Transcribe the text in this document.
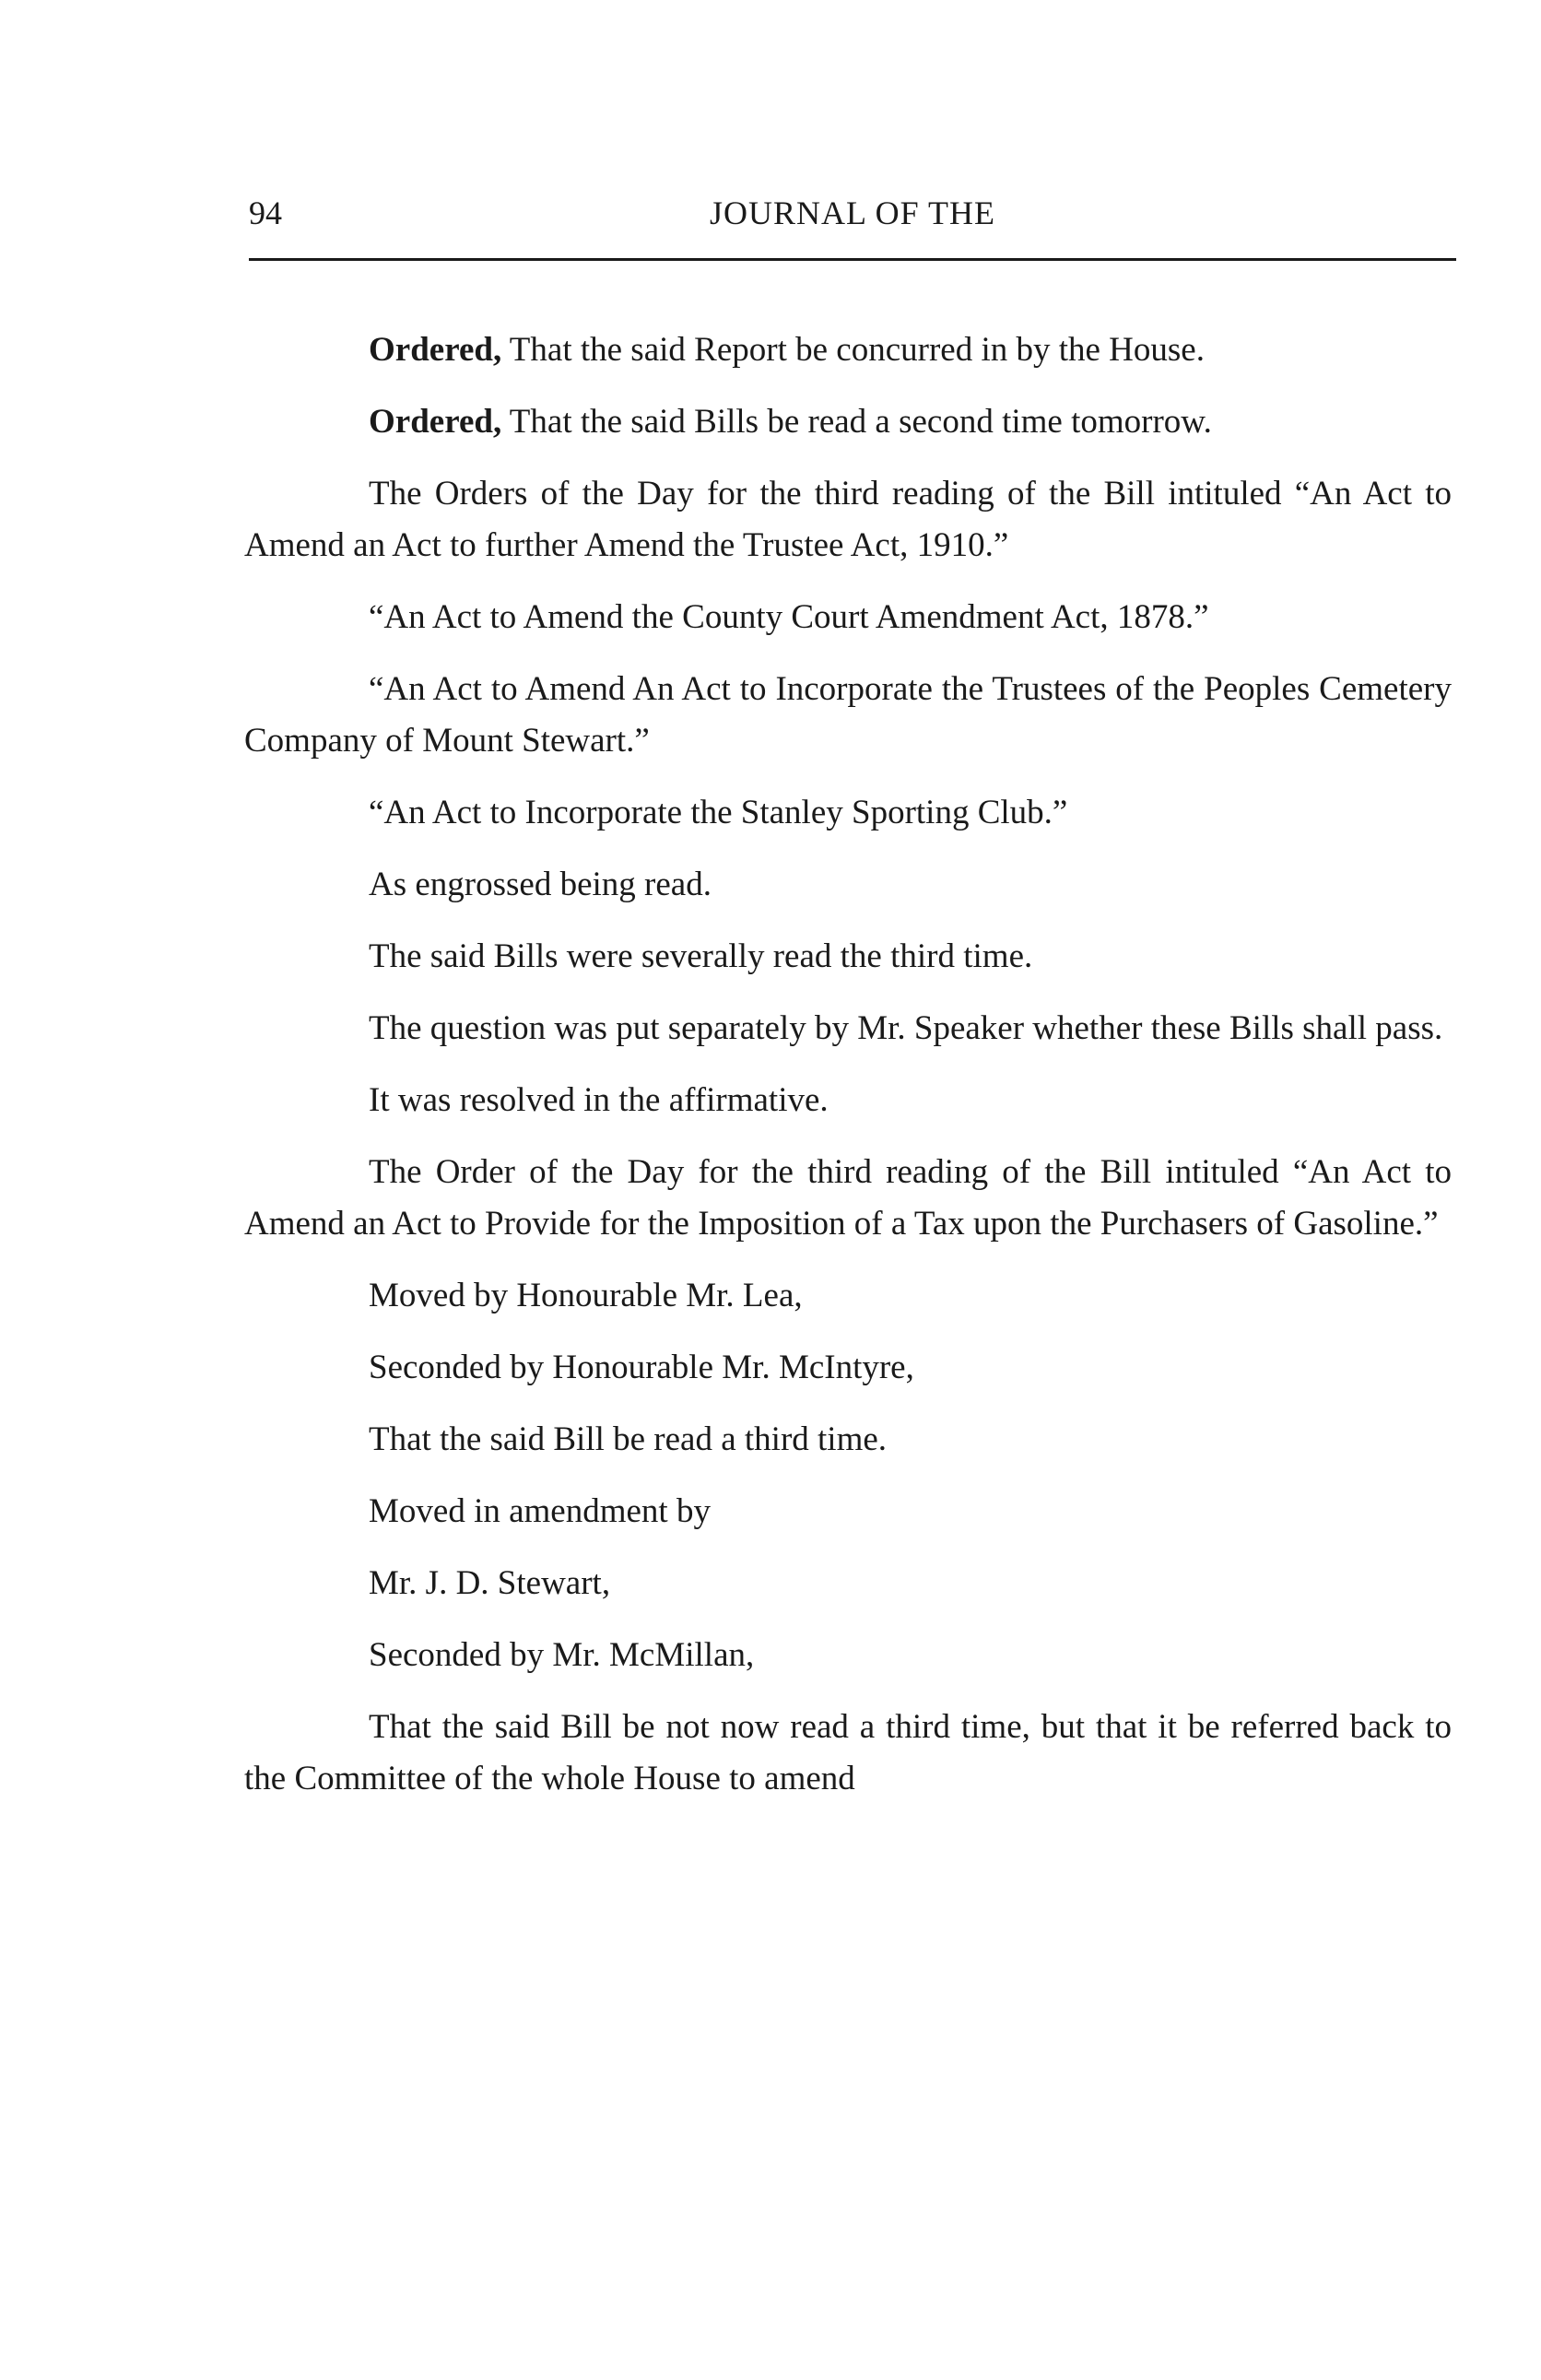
94	JOURNAL OF THE

Ordered, That the said Report be concurred in by the House.

Ordered, That the said Bills be read a second time tomorrow.

The Orders of the Day for the third reading of the Bill intituled “An Act to Amend an Act to further Amend the Trustee Act, 1910.”

“An Act to Amend the County Court Amendment Act, 1878.”

“An Act to Amend An Act to Incorporate the Trustees of the Peoples Cemetery Company of Mount Stewart.”

“An Act to Incorporate the Stanley Sporting Club.”

As engrossed being read.

The said Bills were severally read the third time.

The question was put separately by Mr. Speaker whether these Bills shall pass.

It was resolved in the affirmative.

The Order of the Day for the third reading of the Bill intituled “An Act to Amend an Act to Provide for the Imposition of a Tax upon the Purchasers of Gasoline.”

Moved by Honourable Mr. Lea,

Seconded by Honourable Mr. McIntyre,

That the said Bill be read a third time.

Moved in amendment by

Mr. J. D. Stewart,

Seconded by Mr. McMillan,

That the said Bill be not now read a third time, but that it be referred back to the Committee of the whole House to amend
